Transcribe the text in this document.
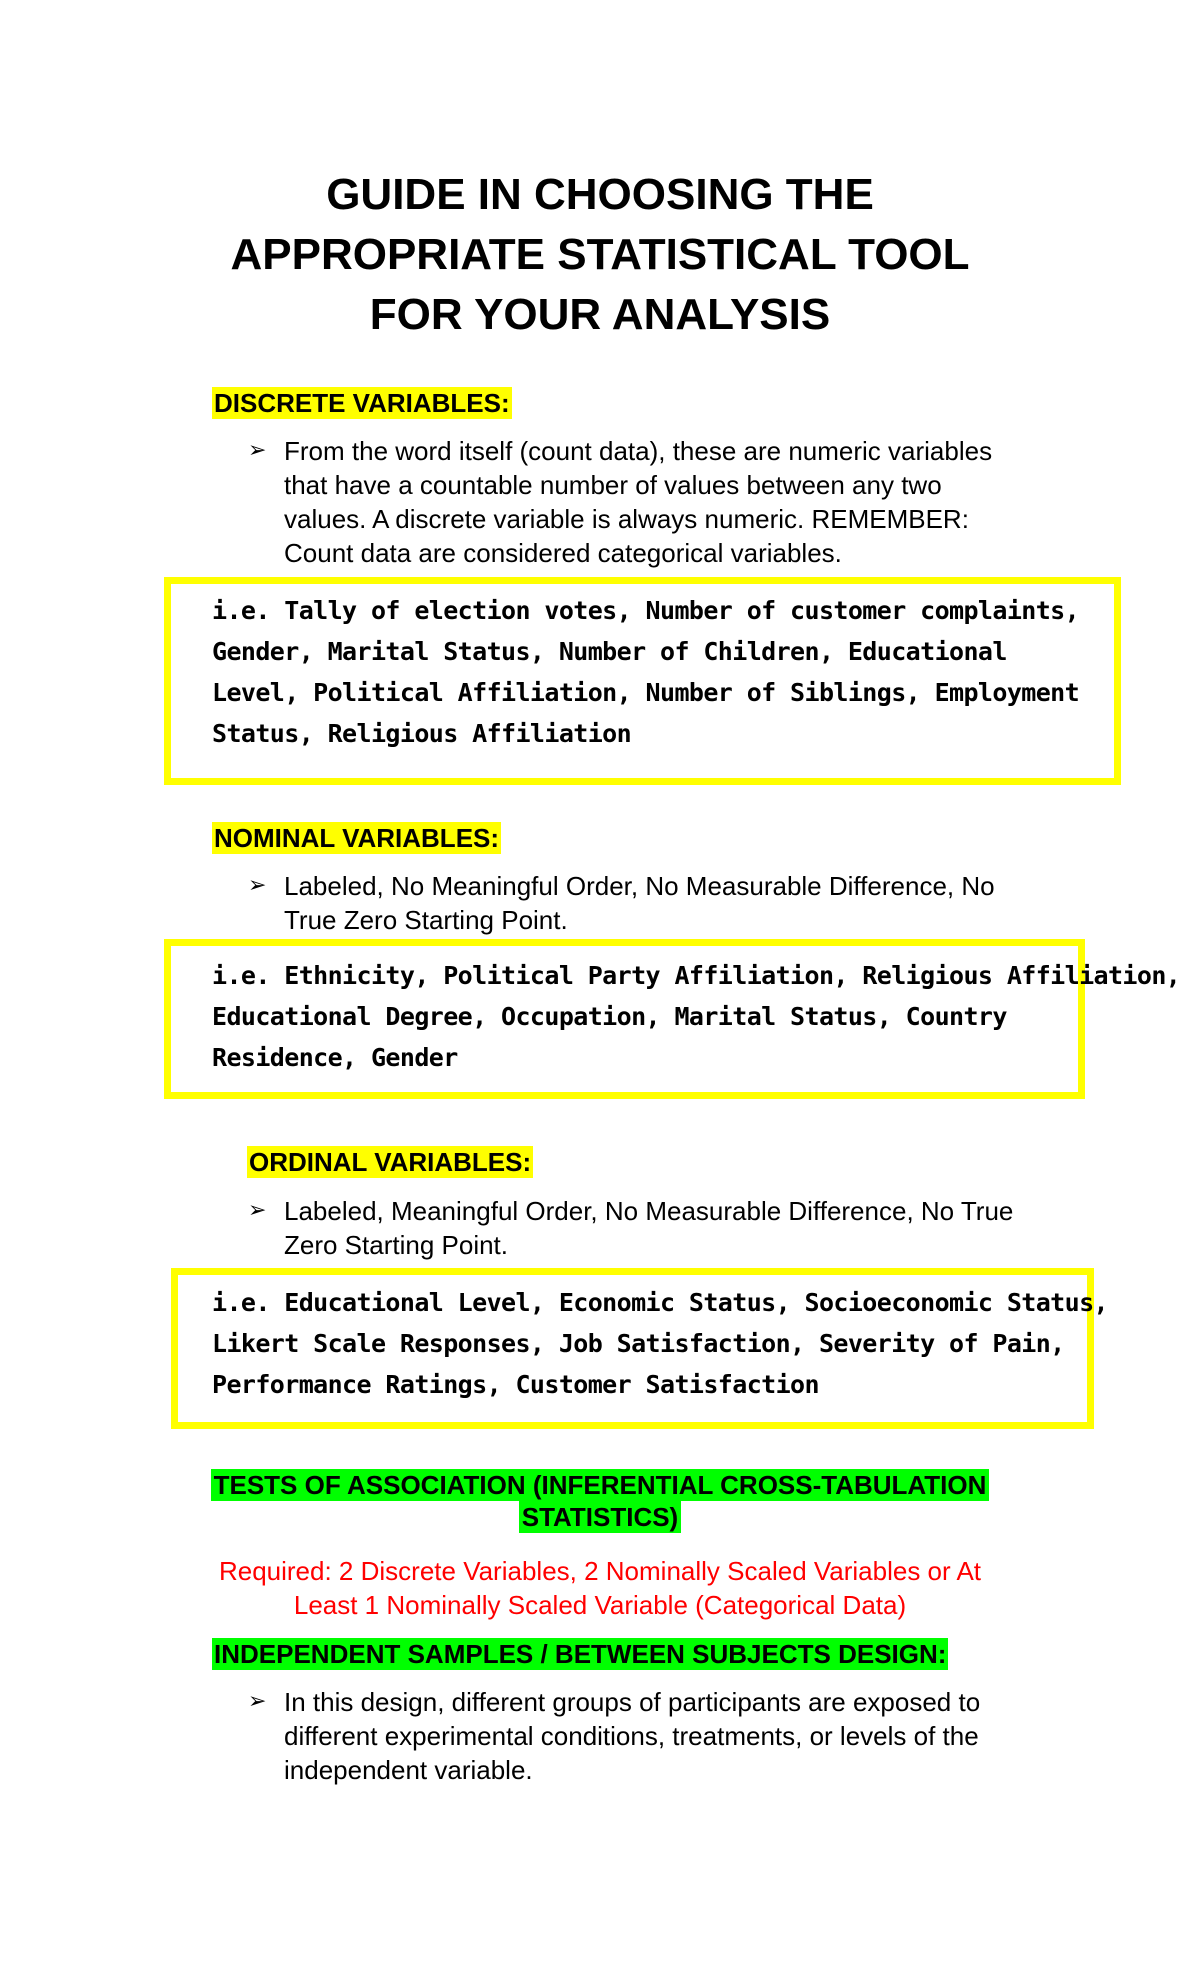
GUIDE IN CHOOSING THE
APPROPRIATE STATISTICAL TOOL
FOR YOUR ANALYSIS
DISCRETE VARIABLES:
➢ From the word itself (count data), these are numeric variables
that have a countable number of values between any two
values. A discrete variable is always numeric. REMEMBER:
Count data are considered categorical variables.
i.e. Tally of election votes, Number of customer complaints,
Gender, Marital Status, Number of Children, Educational
Level, Political Affiliation, Number of Siblings, Employment
Status, Religious Affiliation
NOMINAL VARIABLES:
➢ Labeled, No Meaningful Order, No Measurable Difference, No
True Zero Starting Point.
i.e. Ethnicity, Political Party Affiliation, Religious Affiliation,
Educational Degree, Occupation, Marital Status, Country
Residence, Gender
ORDINAL VARIABLES:
➢ Labeled, Meaningful Order, No Measurable Difference, No True
Zero Starting Point.
i.e. Educational Level, Economic Status, Socioeconomic Status,
Likert Scale Responses, Job Satisfaction, Severity of Pain,
Performance Ratings, Customer Satisfaction
TESTS OF ASSOCIATION (INFERENTIAL CROSS-TABULATION
STATISTICS)
Required: 2 Discrete Variables, 2 Nominally Scaled Variables or At
Least 1 Nominally Scaled Variable (Categorical Data)
INDEPENDENT SAMPLES / BETWEEN SUBJECTS DESIGN:
➢ In this design, different groups of participants are exposed to
different experimental conditions, treatments, or levels of the
independent variable.
